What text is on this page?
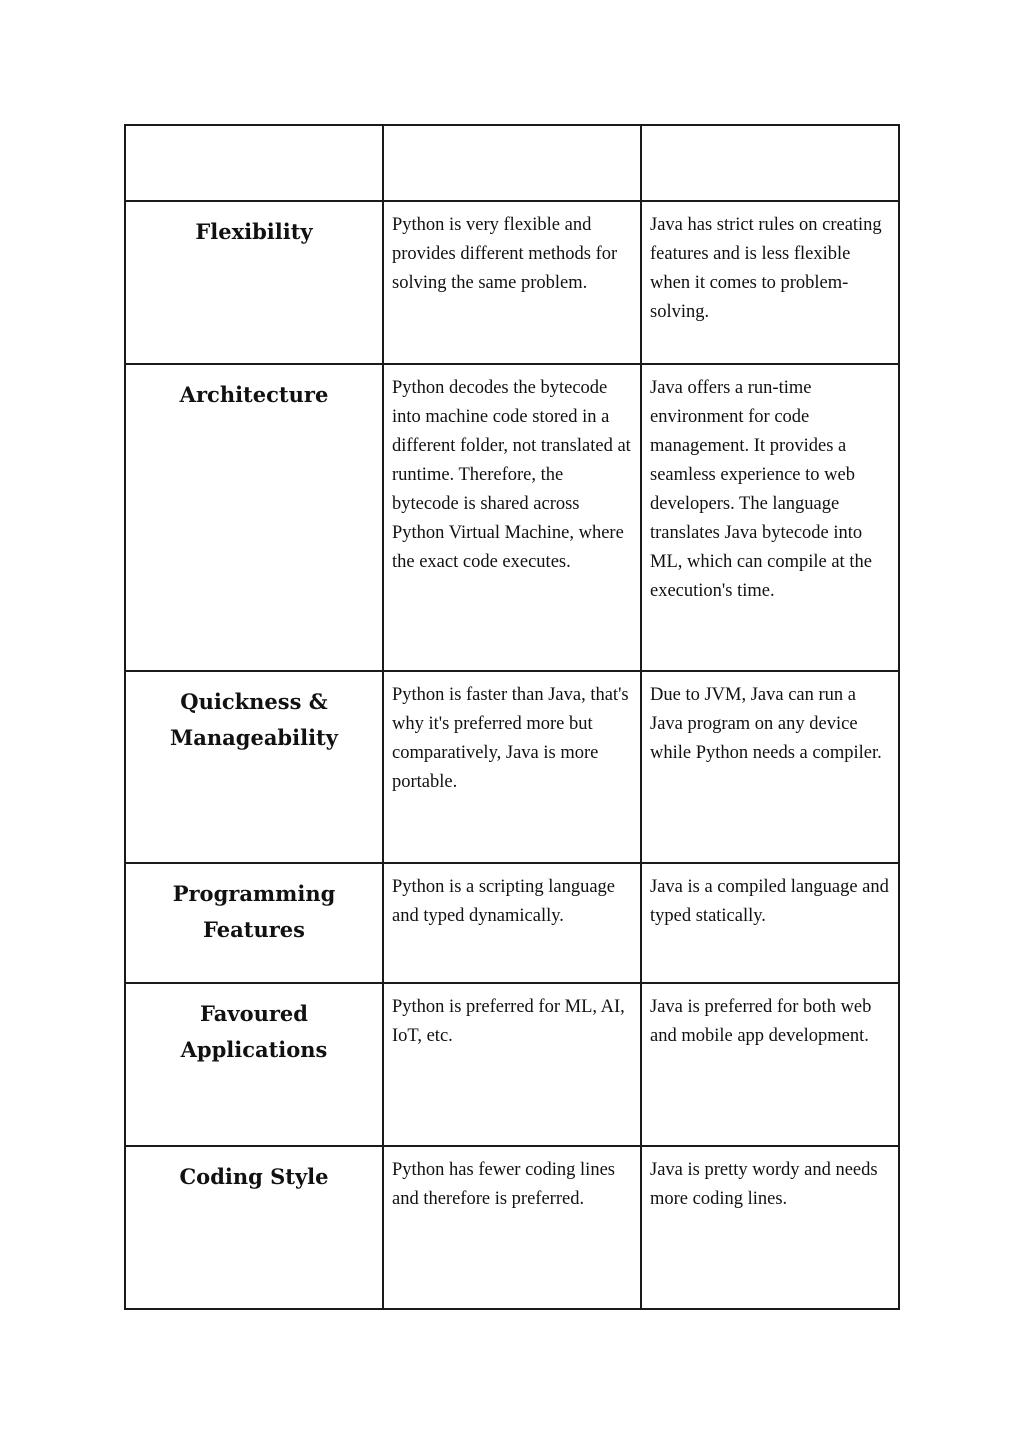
Flexibility	Python is very flexible and provides different methods for solving the same problem.	Java has strict rules on creating features and is less flexible when it comes to problem-solving.

Architecture	Python decodes the bytecode into machine code stored in a different folder, not translated at runtime. Therefore, the bytecode is shared across Python Virtual Machine, where the exact code executes.	Java offers a run-time environment for code management. It provides a seamless experience to web developers. The language translates Java bytecode into ML, which can compile at the execution's time.

Quickness & Manageability	Python is faster than Java, that's why it's preferred more but comparatively, Java is more portable.	Due to JVM, Java can run a Java program on any device while Python needs a compiler.

Programming Features	Python is a scripting language and typed dynamically.	Java is a compiled language and typed statically.

Favoured Applications	Python is preferred for ML, AI, IoT, etc.	Java is preferred for both web and mobile app development.

Coding Style	Python has fewer coding lines and therefore is preferred.	Java is pretty wordy and needs more coding lines.
